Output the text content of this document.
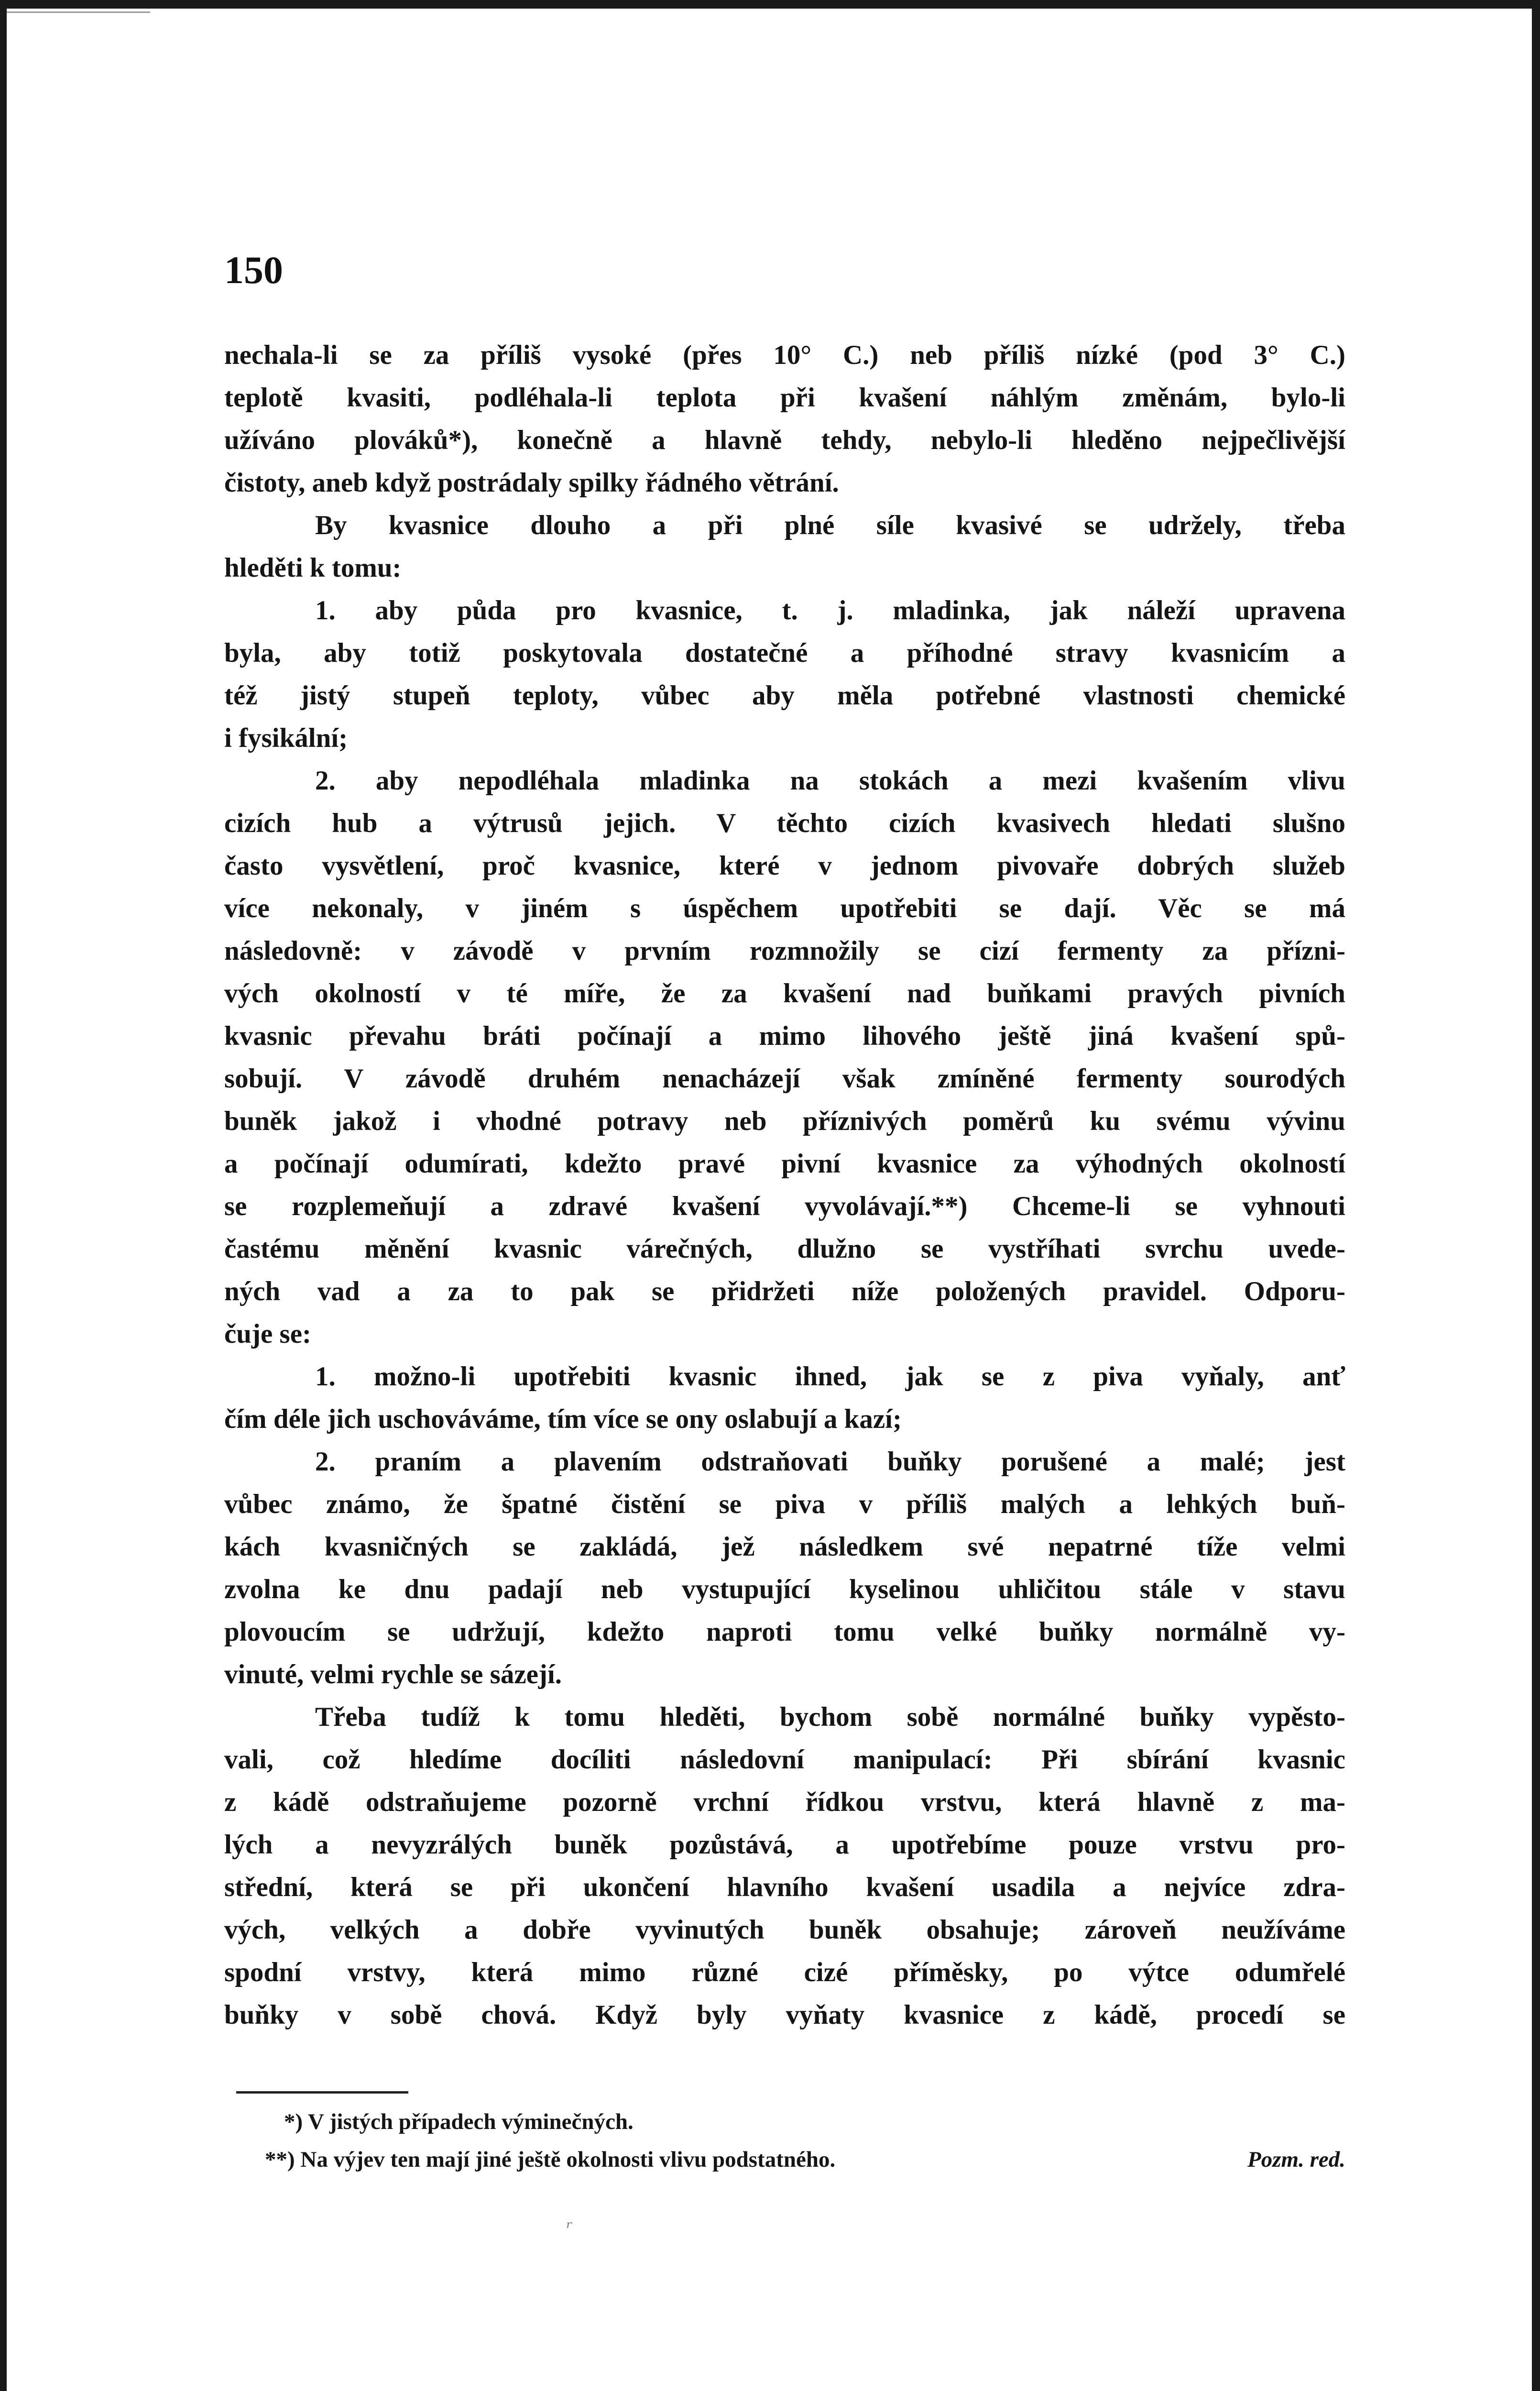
150
nechala-li se za příliš vysoké (přes 10° C.) neb příliš nízké (pod 3° C.)
teplotě kvasiti, podléhala-li teplota při kvašení náhlým změnám, bylo-li
užíváno plováků*), konečně a hlavně tehdy, nebylo-li hleděno nejpečlivější
čistoty, aneb když postrádaly spilky řádného větrání.
By kvasnice dlouho a při plné síle kvasivé se udržely, třeba
hleděti k tomu:
1. aby půda pro kvasnice, t. j. mladinka, jak náleží upravena
byla, aby totiž poskytovala dostatečné a příhodné stravy kvasnicím a
též jistý stupeň teploty, vůbec aby měla potřebné vlastnosti chemické
i fysikální;
2. aby nepodléhala mladinka na stokách a mezi kvašením vlivu
cizích hub a výtrusů jejich. V těchto cizích kvasivech hledati slušno
často vysvětlení, proč kvasnice, které v jednom pivovaře dobrých služeb
více nekonaly, v jiném s úspěchem upotřebiti se dají. Věc se má
následovně: v závodě v prvním rozmnožily se cizí fermenty za přízni-
vých okolností v té míře, že za kvašení nad buňkami pravých pivních
kvasnic převahu bráti počínají a mimo lihového ještě jiná kvašení spů-
sobují. V závodě druhém nenacházejí však zmíněné fermenty sourodých
buněk jakož i vhodné potravy neb příznivých poměrů ku svému vývinu
a počínají odumírati, kdežto pravé pivní kvasnice za výhodných okolností
se rozplemeňují a zdravé kvašení vyvolávají.**) Chceme-li se vyhnouti
častému měnění kvasnic várečných, dlužno se vystříhati svrchu uvede-
ných vad a za to pak se přidržeti níže položených pravidel. Odporu-
čuje se:
1. možno-li upotřebiti kvasnic ihned, jak se z piva vyňaly, anť
čím déle jich uschováváme, tím více se ony oslabují a kazí;
2. praním a plavením odstraňovati buňky porušené a malé; jest
vůbec známo, že špatné čistění se piva v příliš malých a lehkých buň-
kách kvasničných se zakládá, jež následkem své nepatrné tíže velmi
zvolna ke dnu padají neb vystupující kyselinou uhličitou stále v stavu
plovoucím se udržují, kdežto naproti tomu velké buňky normálně vy-
vinuté, velmi rychle se sázejí.
Třeba tudíž k tomu hleděti, bychom sobě normálné buňky vypěsto-
vali, což hledíme docíliti následovní manipulací: Při sbírání kvasnic
z kádě odstraňujeme pozorně vrchní řídkou vrstvu, která hlavně z ma-
lých a nevyzrálých buněk pozůstává, a upotřebíme pouze vrstvu pro-
střední, která se při ukončení hlavního kvašení usadila a nejvíce zdra-
vých, velkých a dobře vyvinutých buněk obsahuje; zároveň neužíváme
spodní vrstvy, která mimo různé cizé příměsky, po výtce odumřelé
buňky v sobě chová. Když byly vyňaty kvasnice z kádě, procedí se
*) V jistých případech výminečných.
**) Na výjev ten mají jiné ještě okolnosti vlivu podstatného.	Pozm. red.
ʳ
